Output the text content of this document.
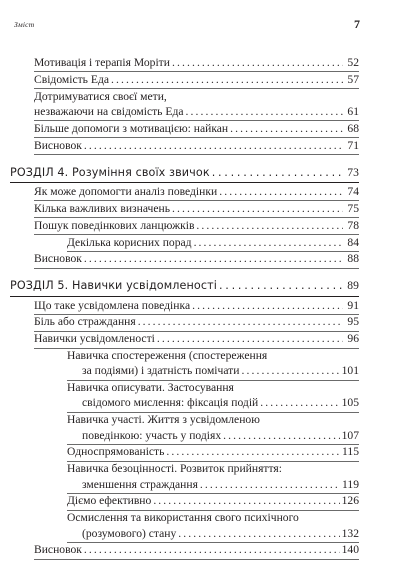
Зміст	7
Мотивація і терапія Моріти . . .	52
Свідомість Еда . . .	57
Дотримуватися своєї мети,
незважаючи на свідомість Еда . . .	61
Більше допомоги з мотивацією: найкан . . .	68
Висновок . . .	71
РОЗДІЛ 4. Розуміння своїх звичок . . .	73
Як може допомогти аналіз поведінки . . .	74
Кілька важливих визначень . . .	75
Пошук поведінкових ланцюжків . . .	78
Декілька корисних порад . . .	84
Висновок . . .	88
РОЗДІЛ 5. Навички усвідомленості . . .	89
Що таке усвідомлена поведінка . . .	91
Біль або страждання . . .	95
Навички усвідомленості . . .	96
Навичка спостереження (спостереження
за подіями) і здатність помічати . . .	101
Навичка описувати. Застосування
свідомого мислення: фіксація подій . . .	105
Навичка участі. Життя з усвідомленою
поведінкою: участь у подіях . . .	107
Односпрямованість . . .	115
Навичка безоцінності. Розвиток прийняття:
зменшення страждання . . .	119
Діємо ефективно . . .	126
Осмислення та використання свого психічного
(розумового) стану . . .	132
Висновок . . .	140
